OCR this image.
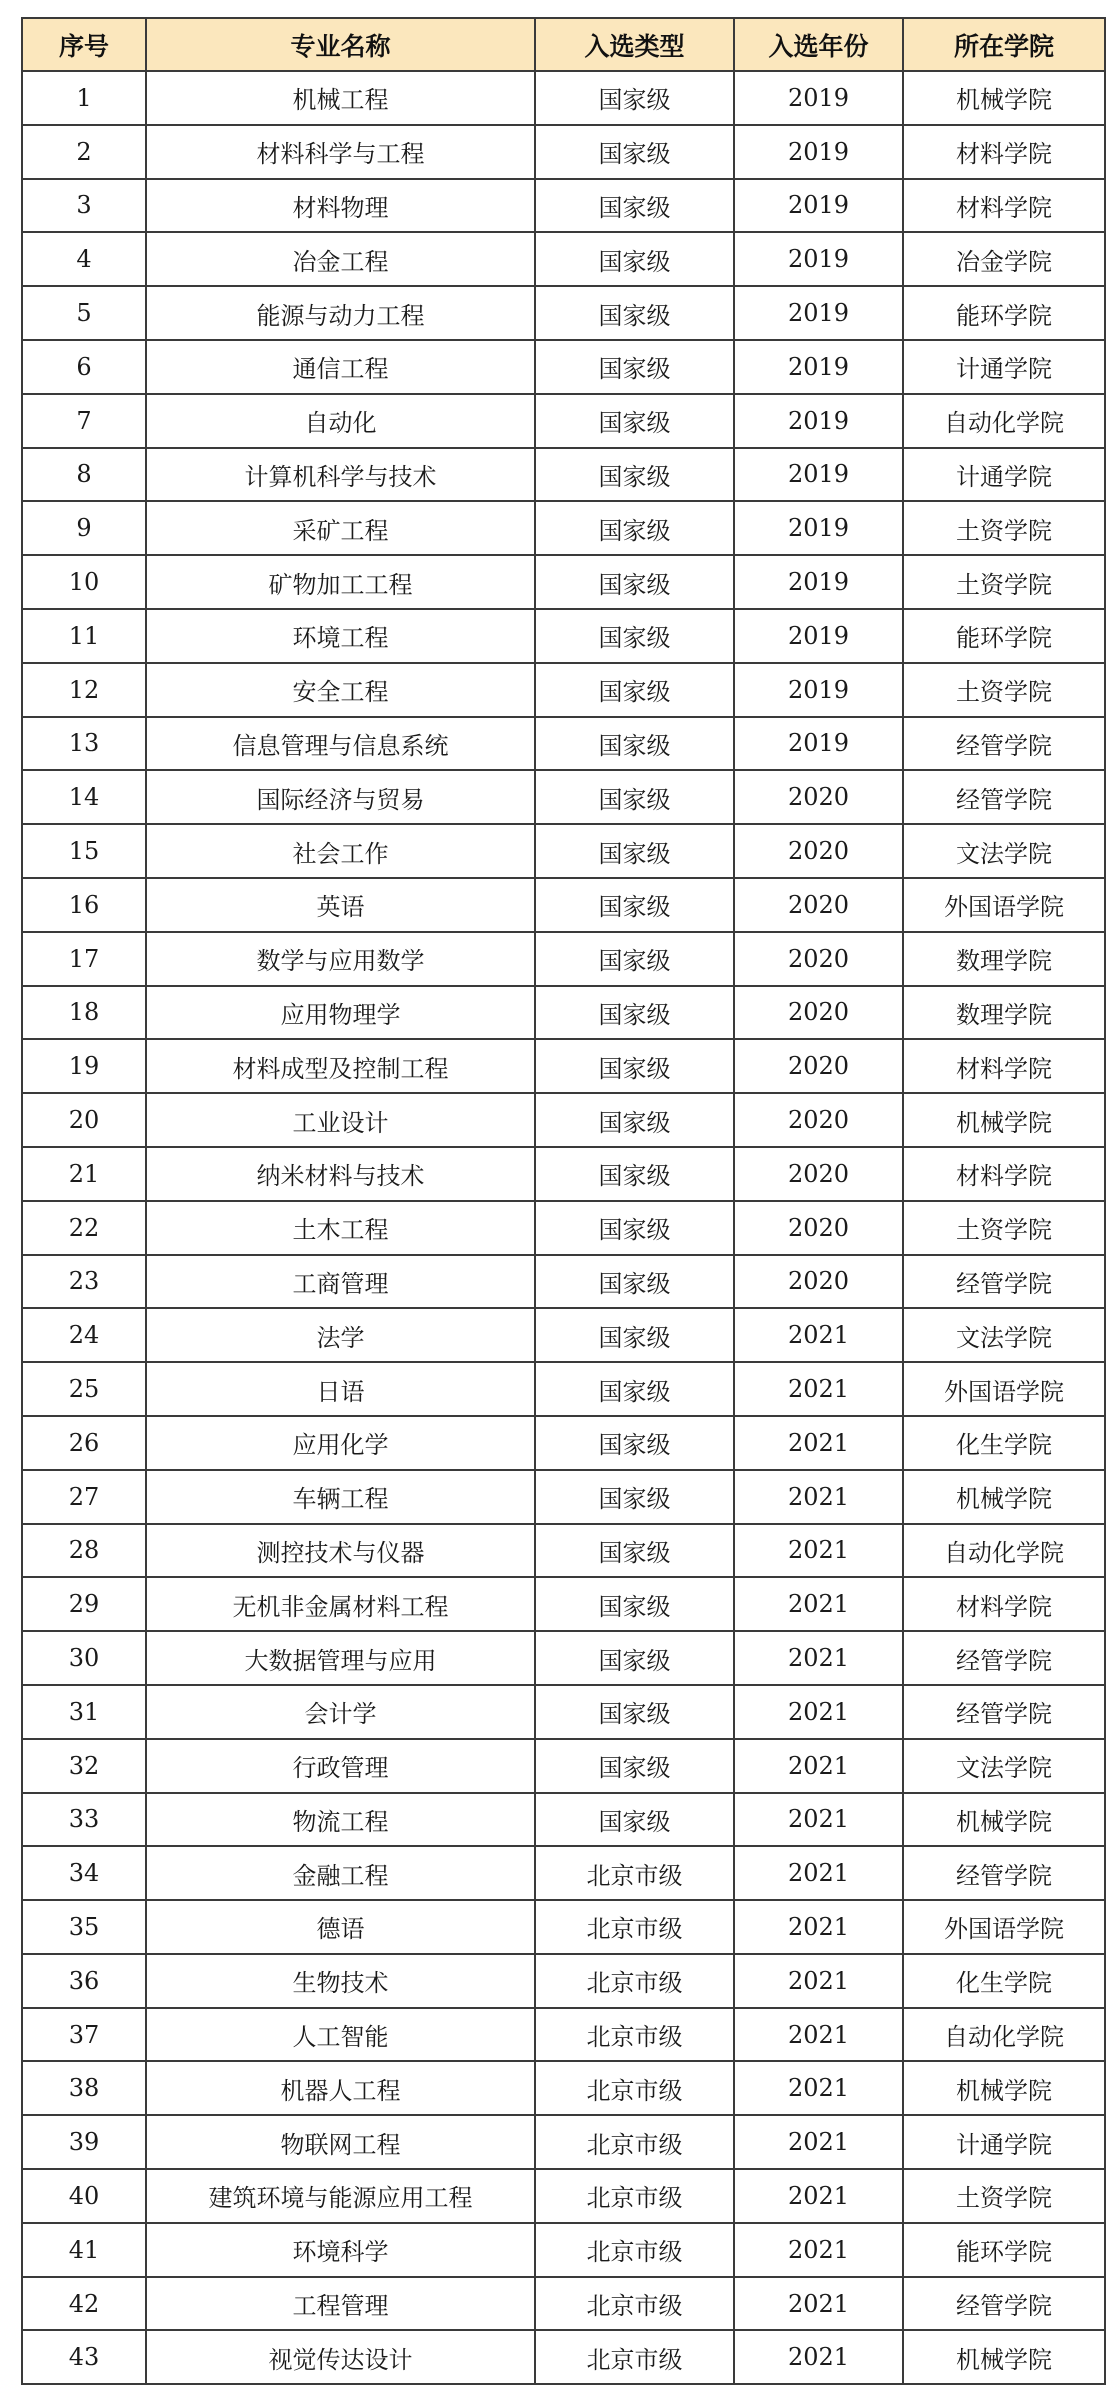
序号	专业名称	入选类型	入选年份	所在学院
1	机械工程	国家级	2019	机械学院
2	材料科学与工程	国家级	2019	材料学院
3	材料物理	国家级	2019	材料学院
4	冶金工程	国家级	2019	冶金学院
5	能源与动力工程	国家级	2019	能环学院
6	通信工程	国家级	2019	计通学院
7	自动化	国家级	2019	自动化学院
8	计算机科学与技术	国家级	2019	计通学院
9	采矿工程	国家级	2019	土资学院
10	矿物加工工程	国家级	2019	土资学院
11	环境工程	国家级	2019	能环学院
12	安全工程	国家级	2019	土资学院
13	信息管理与信息系统	国家级	2019	经管学院
14	国际经济与贸易	国家级	2020	经管学院
15	社会工作	国家级	2020	文法学院
16	英语	国家级	2020	外国语学院
17	数学与应用数学	国家级	2020	数理学院
18	应用物理学	国家级	2020	数理学院
19	材料成型及控制工程	国家级	2020	材料学院
20	工业设计	国家级	2020	机械学院
21	纳米材料与技术	国家级	2020	材料学院
22	土木工程	国家级	2020	土资学院
23	工商管理	国家级	2020	经管学院
24	法学	国家级	2021	文法学院
25	日语	国家级	2021	外国语学院
26	应用化学	国家级	2021	化生学院
27	车辆工程	国家级	2021	机械学院
28	测控技术与仪器	国家级	2021	自动化学院
29	无机非金属材料工程	国家级	2021	材料学院
30	大数据管理与应用	国家级	2021	经管学院
31	会计学	国家级	2021	经管学院
32	行政管理	国家级	2021	文法学院
33	物流工程	国家级	2021	机械学院
34	金融工程	北京市级	2021	经管学院
35	德语	北京市级	2021	外国语学院
36	生物技术	北京市级	2021	化生学院
37	人工智能	北京市级	2021	自动化学院
38	机器人工程	北京市级	2021	机械学院
39	物联网工程	北京市级	2021	计通学院
40	建筑环境与能源应用工程	北京市级	2021	土资学院
41	环境科学	北京市级	2021	能环学院
42	工程管理	北京市级	2021	经管学院
43	视觉传达设计	北京市级	2021	机械学院
